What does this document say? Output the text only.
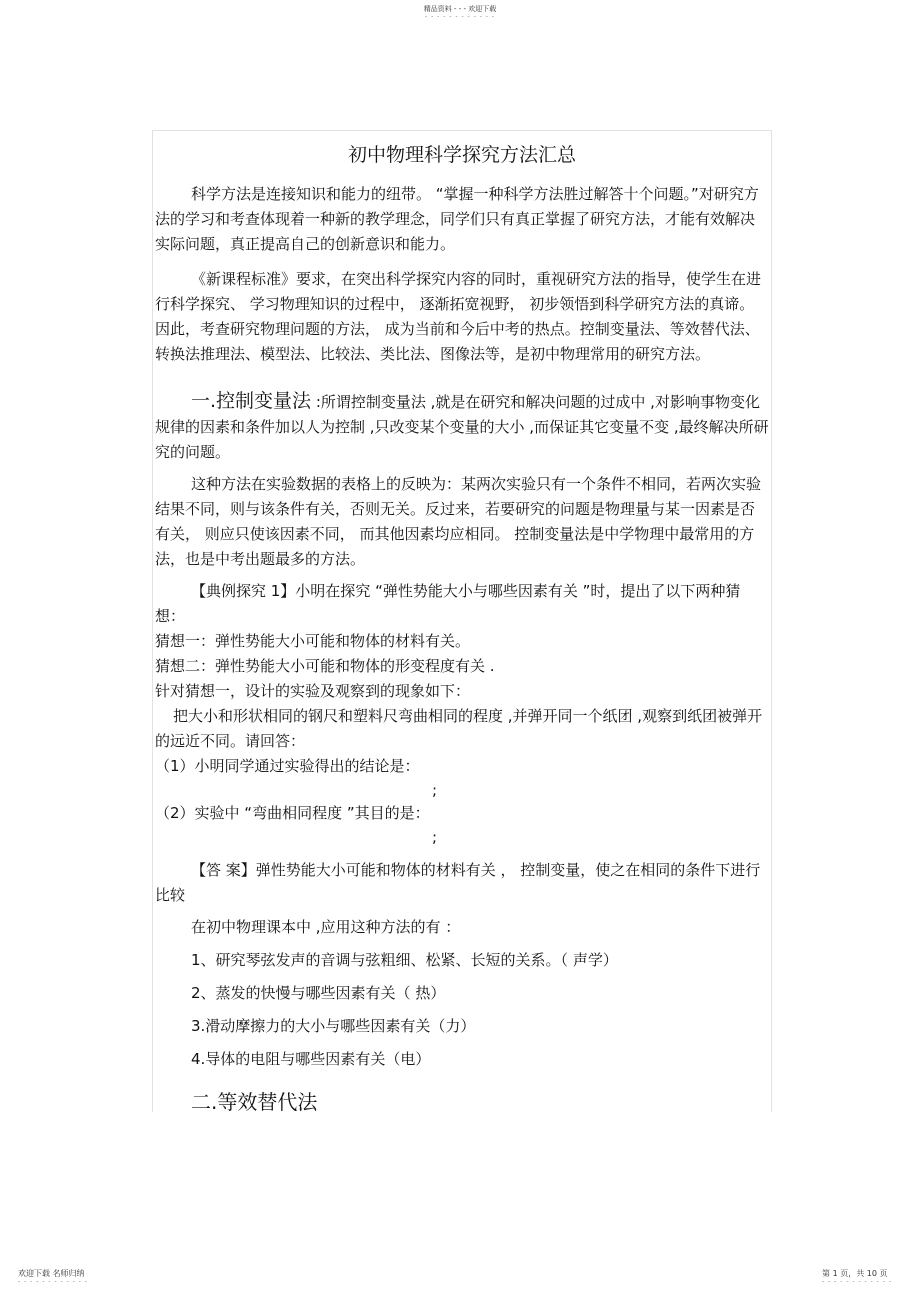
精品资料 - - - 欢迎下载
- - - - - - - - - - - -
初中物理科学探究方法汇总

科学方法是连接知识和能力的纽带。 “掌握一种科学方法胜过解答十个问题。”对研究方法的学习和考查体现着一种新的教学理念，同学们只有真正掌握了研究方法，才能有效解决实际问题，真正提高自己的创新意识和能力。

《新课程标准》要求，在突出科学探究内容的同时，重视研究方法的指导，使学生在进行科学探究、 学习物理知识的过程中， 逐渐拓宽视野， 初步领悟到科学研究方法的真谛。 因此，考查研究物理问题的方法， 成为当前和今后中考的热点。控制变量法、等效替代法、转换法推理法、模型法、比较法、类比法、图像法等，是初中物理常用的研究方法。

一.控制变量法 :所谓控制变量法 ,就是在研究和解决问题的过成中 ,对影响事物变化规律的因素和条件加以人为控制 ,只改变某个变量的大小 ,而保证其它变量不变 ,最终解决所研究的问题。

这种方法在实验数据的表格上的反映为：某两次实验只有一个条件不相同，若两次实验结果不同，则与该条件有关，否则无关。反过来，若要研究的问题是物理量与某一因素是否有关， 则应只使该因素不同， 而其他因素均应相同。 控制变量法是中学物理中最常用的方法，也是中考出题最多的方法。

【典例探究 1】小明在探究 “弹性势能大小与哪些因素有关 ”时，提出了以下两种猜想：

猜想一：弹性势能大小可能和物体的材料有关。

猜想二：弹性势能大小可能和物体的形变程度有关 .

针对猜想一，设计的实验及观察到的现象如下：

把大小和形状相同的钢尺和塑料尺弯曲相同的程度 ,并弹开同一个纸团 ,观察到纸团被弹开的远近不同。请回答：

（1）小明同学通过实验得出的结论是：

;

（2）实验中 “弯曲相同程度 ”其目的是：

;

【答 案】弹性势能大小可能和物体的材料有关 ， 控制变量，使之在相同的条件下进行比较

在初中物理课本中 ,应用这种方法的有 ：

1、研究琴弦发声的音调与弦粗细、松紧、长短的关系。（ 声学）
2、蒸发的快慢与哪些因素有关（ 热）
3.滑动摩擦力的大小与哪些因素有关（力）
4.导体的电阻与哪些因素有关（电）
二.等效替代法
欢迎下载 名师归纳
- - - - - - - - - - - -
第 1 页，共 10 页
- - - - - - - - - - - -
